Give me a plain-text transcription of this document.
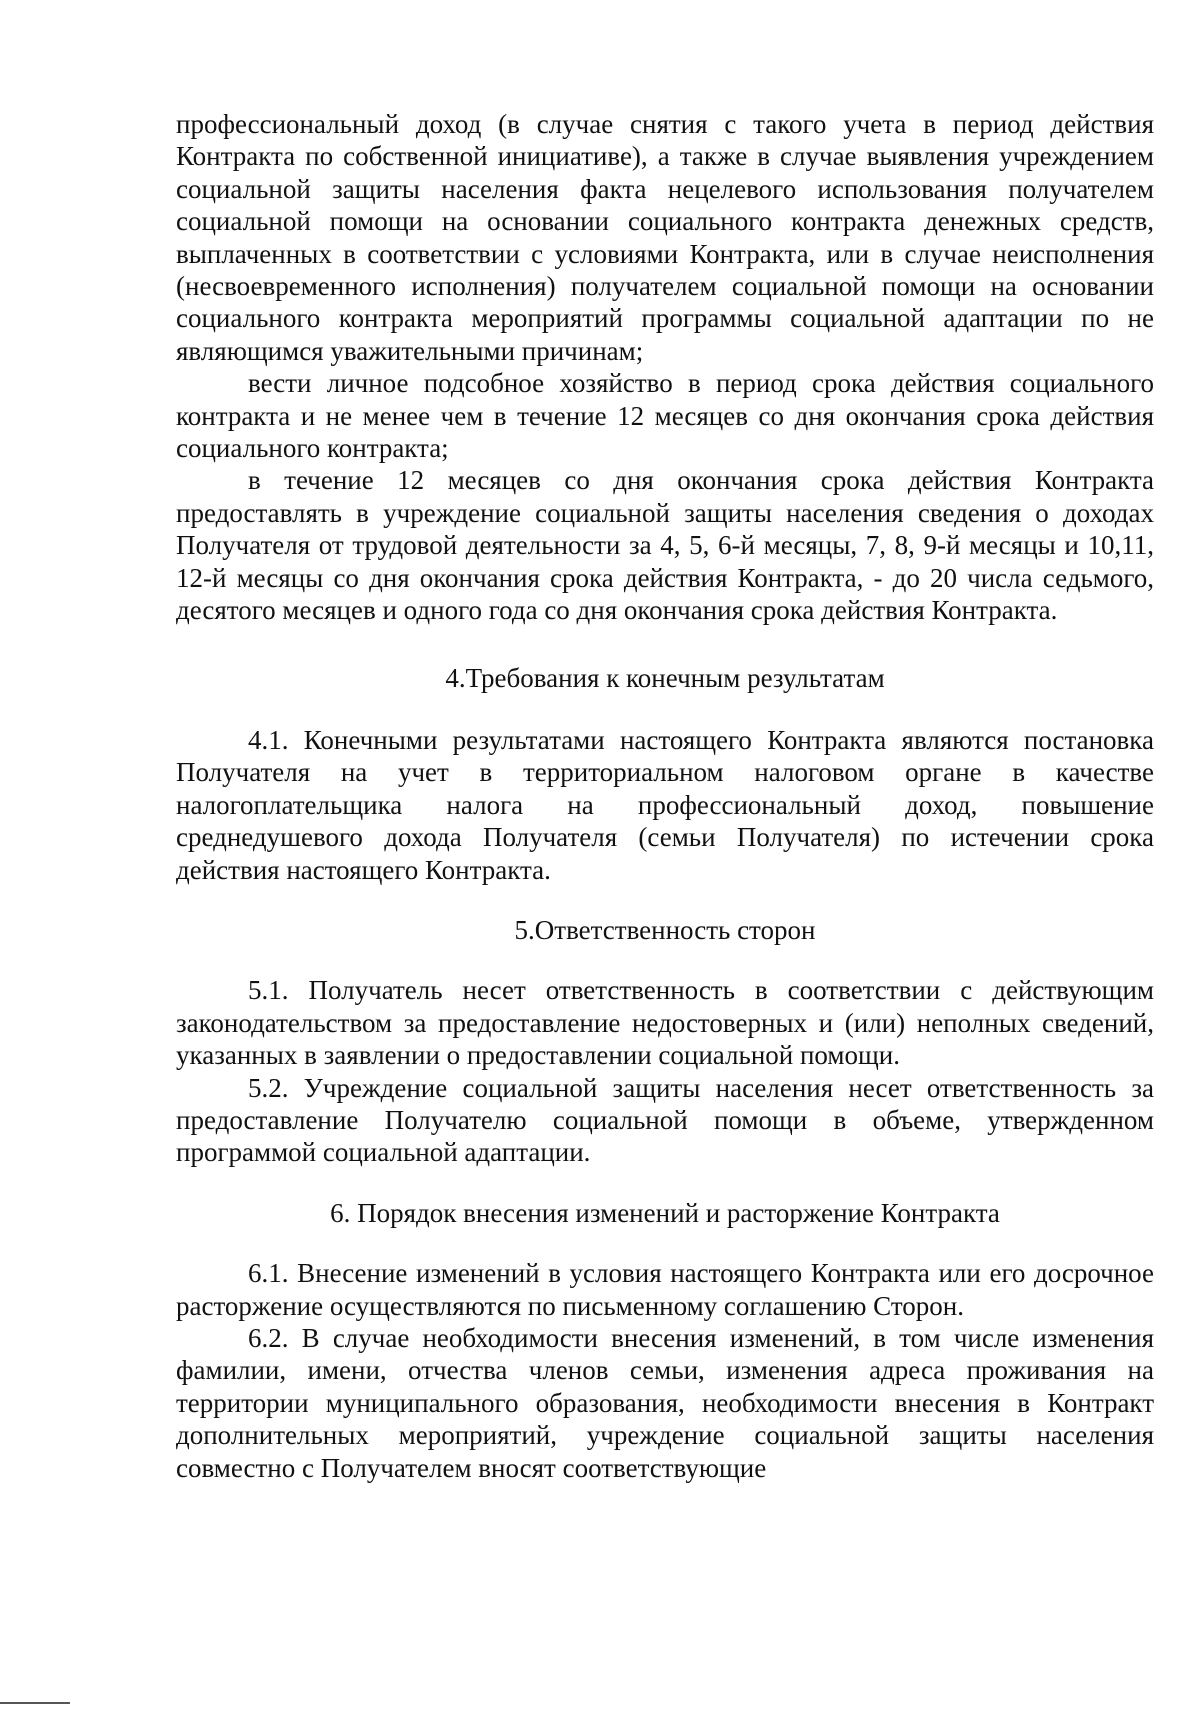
профессиональный доход (в случае снятия с такого учета в период действия Контракта по собственной инициативе), а также в случае выявления учреждением социальной защиты населения факта нецелевого использования получателем социальной помощи на основании социального контракта денежных средств, выплаченных в соответствии с условиями Контракта, или в случае неисполнения (несвоевременного исполнения) получателем социальной помощи на основании социального контракта мероприятий программы социальной адаптации по не являющимся уважительными причинам;

вести личное подсобное хозяйство в период срока действия социального контракта и не менее чем в течение 12 месяцев со дня окончания срока действия социального контракта;

в течение 12 месяцев со дня окончания срока действия Контракта предоставлять в учреждение социальной защиты населения сведения о доходах Получателя от трудовой деятельности за 4, 5, 6-й месяцы, 7, 8, 9-й месяцы и 10,11, 12-й месяцы со дня окончания срока действия Контракта, - до 20 числа седьмого, десятого месяцев и одного года со дня окончания срока действия Контракта.

4.Требования к конечным результатам

4.1. Конечными результатами настоящего Контракта являются постановка Получателя на учет в территориальном налоговом органе в качестве налогоплательщика налога на профессиональный доход, повышение среднедушевого дохода Получателя (семьи Получателя) по истечении срока действия настоящего Контракта.

5.Ответственность сторон

5.1. Получатель несет ответственность в соответствии с действующим законодательством за предоставление недостоверных и (или) неполных сведений, указанных в заявлении о предоставлении социальной помощи.

5.2. Учреждение социальной защиты населения несет ответственность за предоставление Получателю социальной помощи в объеме, утвержденном программой социальной адаптации.

6. Порядок внесения изменений и расторжение Контракта

6.1. Внесение изменений в условия настоящего Контракта или его досрочное расторжение осуществляются по письменному соглашению Сторон.

6.2. В случае необходимости внесения изменений, в том числе изменения фамилии, имени, отчества членов семьи, изменения адреса проживания на территории муниципального образования, необходимости внесения в Контракт дополнительных мероприятий, учреждение социальной защиты населения совместно с Получателем вносят соответствующие
